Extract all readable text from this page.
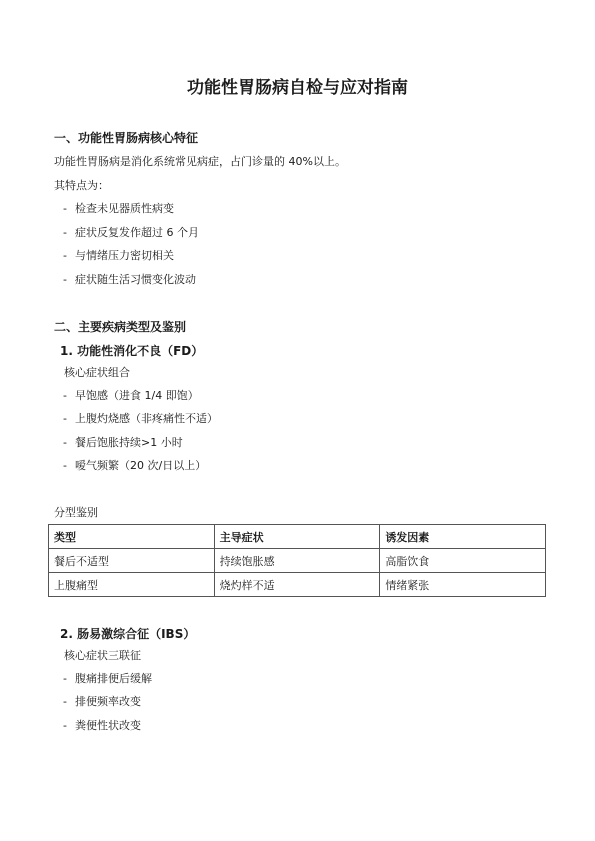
功能性胃肠病自检与应对指南
一、功能性胃肠病核心特征
功能性胃肠病是消化系统常见病症，占门诊量的 40%以上。
其特点为：
- 检查未见器质性病变
- 症状反复发作超过 6 个月
- 与情绪压力密切相关
- 症状随生活习惯变化波动
二、主要疾病类型及鉴别
1. 功能性消化不良（FD）
核心症状组合
- 早饱感（进食 1/4 即饱）
- 上腹灼烧感（非疼痛性不适）
- 餐后饱胀持续>1 小时
- 嗳气频繁（20 次/日以上）
分型鉴别
类型	主导症状	诱发因素
餐后不适型	持续饱胀感	高脂饮食
上腹痛型	烧灼样不适	情绪紧张
2. 肠易激综合征（IBS）
核心症状三联征
- 腹痛排便后缓解
- 排便频率改变
- 粪便性状改变
